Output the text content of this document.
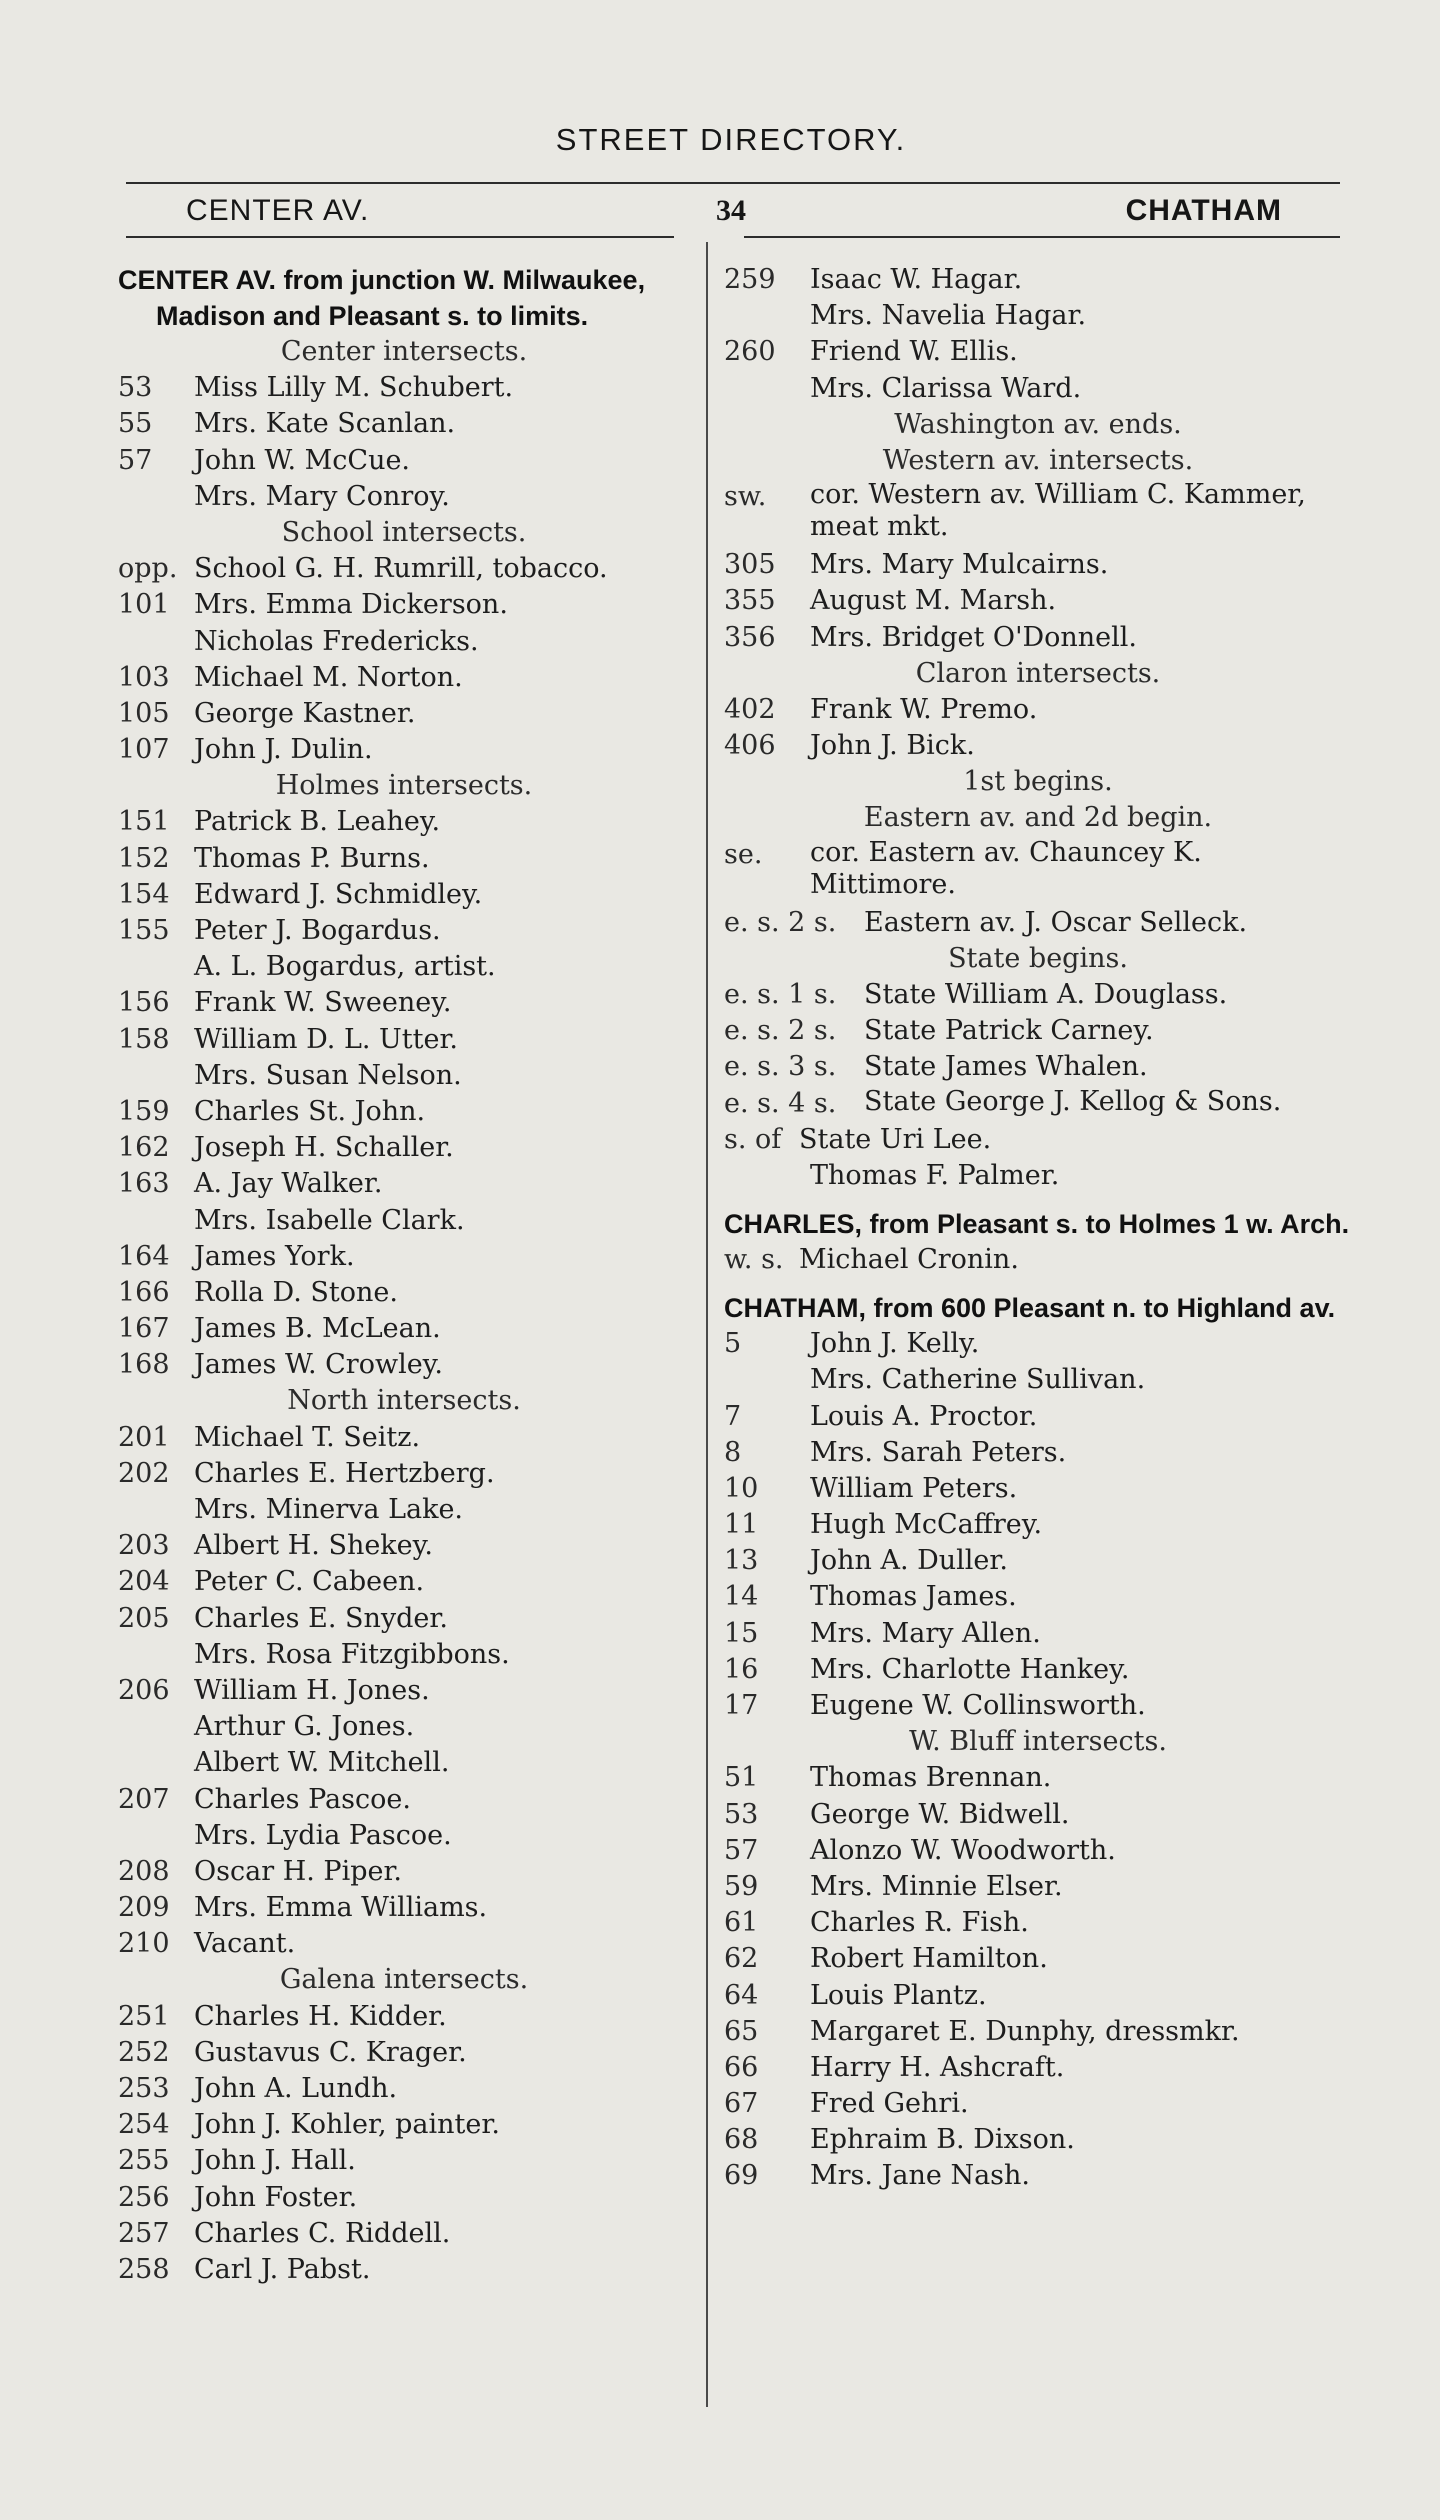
STREET DIRECTORY.
CENTER AV.	34	CHATHAM
CENTER AV. from junction W. Milwaukee, Madison and Pleasant s. to limits.
Center intersects.
53 Miss Lilly M. Schubert.
55 Mrs. Kate Scanlan.
57 John W. McCue.
Mrs. Mary Conroy.
School intersects.
opp. School G. H. Rumrill, tobacco.
101 Mrs. Emma Dickerson.
Nicholas Fredericks.
103 Michael M. Norton.
105 George Kastner.
107 John J. Dulin.
Holmes intersects.
151 Patrick B. Leahey.
152 Thomas P. Burns.
154 Edward J. Schmidley.
155 Peter J. Bogardus.
A. L. Bogardus, artist.
156 Frank W. Sweeney.
158 William D. L. Utter.
Mrs. Susan Nelson.
159 Charles St. John.
162 Joseph H. Schaller.
163 A. Jay Walker.
Mrs. Isabelle Clark.
164 James York.
166 Rolla D. Stone.
167 James B. McLean.
168 James W. Crowley.
North intersects.
201 Michael T. Seitz.
202 Charles E. Hertzberg.
Mrs. Minerva Lake.
203 Albert H. Shekey.
204 Peter C. Cabeen.
205 Charles E. Snyder.
Mrs. Rosa Fitzgibbons.
206 William H. Jones.
Arthur G. Jones.
Albert W. Mitchell.
207 Charles Pascoe.
Mrs. Lydia Pascoe.
208 Oscar H. Piper.
209 Mrs. Emma Williams.
210 Vacant.
Galena intersects.
251 Charles H. Kidder.
252 Gustavus C. Krager.
253 John A. Lundh.
254 John J. Kohler, painter.
255 John J. Hall.
256 John Foster.
257 Charles C. Riddell.
258 Carl J. Pabst.
259 Isaac W. Hagar.
Mrs. Navelia Hagar.
260 Friend W. Ellis.
Mrs. Clarissa Ward.
Washington av. ends.
Western av. intersects.
sw. cor. Western av. William C. Kammer, meat mkt.
305 Mrs. Mary Mulcairns.
355 August M. Marsh.
356 Mrs. Bridget O'Donnell.
Claron intersects.
402 Frank W. Premo.
406 John J. Bick.
1st begins.
Eastern av. and 2d begin.
se. cor. Eastern av. Chauncey K. Mittimore.
e. s. 2 s. Eastern av. J. Oscar Selleck.
State begins.
e. s. 1 s. State William A. Douglass.
e. s. 2 s. State Patrick Carney.
e. s. 3 s. State James Whalen.
e. s. 4 s. State George J. Kellog & Sons.
s. of State Uri Lee.
Thomas F. Palmer.
CHARLES, from Pleasant s. to Holmes 1 w. Arch.
w. s. Michael Cronin.
CHATHAM, from 600 Pleasant n. to Highland av.
5	John J. Kelly.
Mrs. Catherine Sullivan.
7	Louis A. Proctor.
8	Mrs. Sarah Peters.
10 William Peters.
11 Hugh McCaffrey.
13 John A. Duller.
14 Thomas James.
15 Mrs. Mary Allen.
16 Mrs. Charlotte Hankey.
17 Eugene W. Collinsworth.
W. Bluff intersects.
51 Thomas Brennan.
53 George W. Bidwell.
57 Alonzo W. Woodworth.
59 Mrs. Minnie Elser.
61 Charles R. Fish.
62 Robert Hamilton.
64 Louis Plantz.
65 Margaret E. Dunphy, dressmkr.
66 Harry H. Ashcraft.
67 Fred Gehri.
68 Ephraim B. Dixson.
69 Mrs. Jane Nash.
